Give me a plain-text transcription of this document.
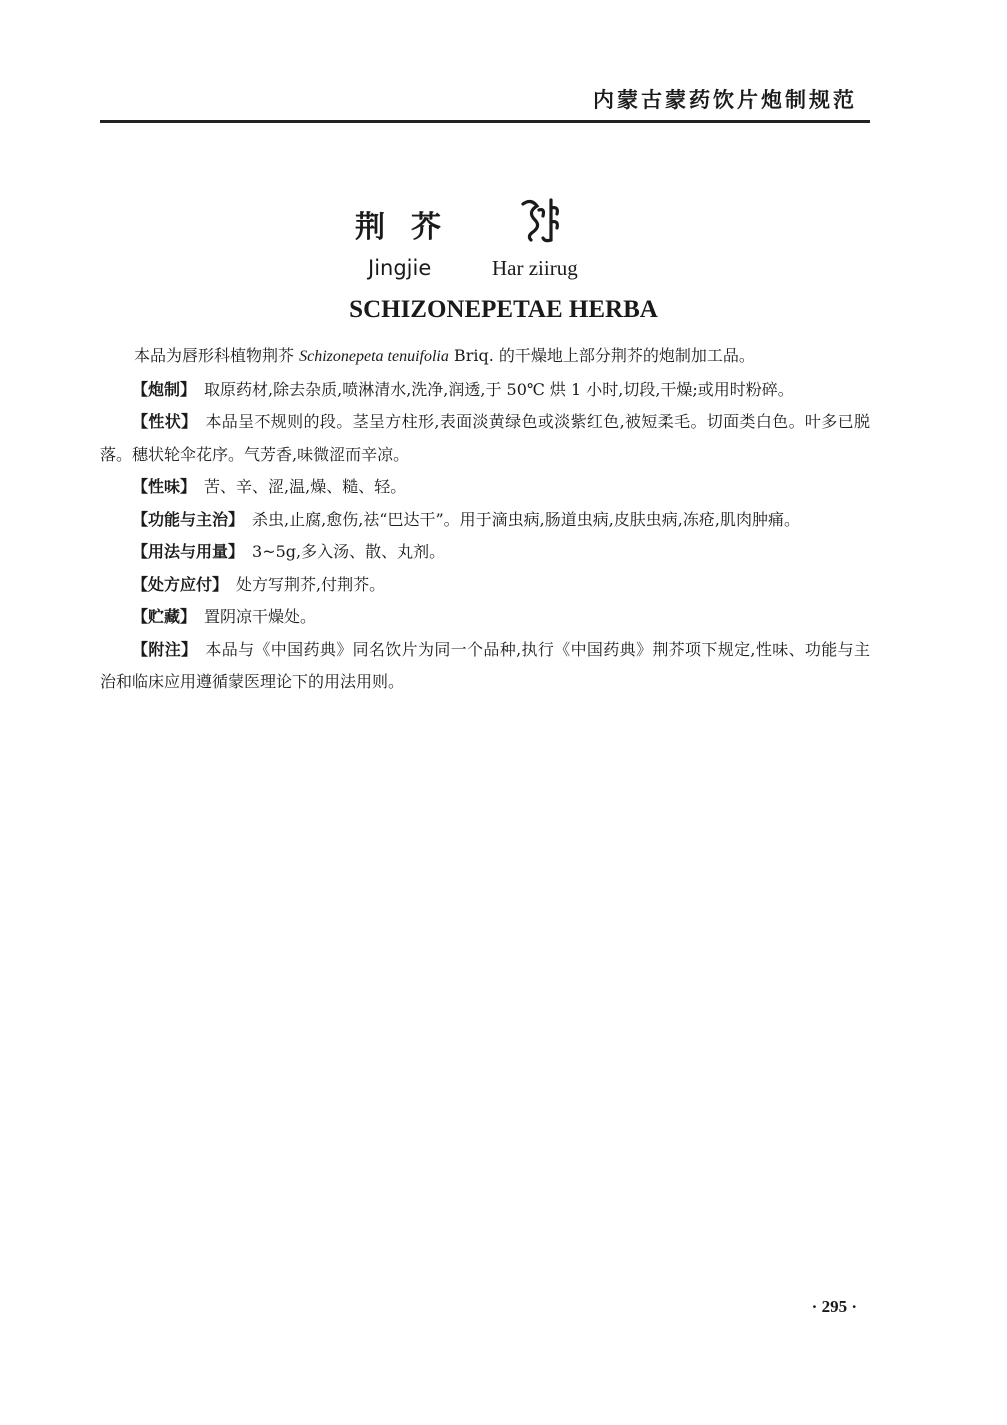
内蒙古蒙药饮片炮制规范
荆芥
Jingjie	Har ziirug
SCHIZONEPETAE HERBA

本品为唇形科植物荆芥 Schizonepeta tenuifolia Briq. 的干燥地上部分荆芥的炮制加工品。

【炮制】 取原药材,除去杂质,喷淋清水,洗净,润透,于 50℃ 烘 1 小时,切段,干燥;或用时粉碎。

【性状】 本品呈不规则的段。茎呈方柱形,表面淡黄绿色或淡紫红色,被短柔毛。切面类白色。叶多已脱落。穗状轮伞花序。气芳香,味微涩而辛凉。

【性味】 苦、辛、涩,温,燥、糙、轻。

【功能与主治】 杀虫,止腐,愈伤,祛“巴达干”。用于滴虫病,肠道虫病,皮肤虫病,冻疮,肌肉肿痛。

【用法与用量】 3~5g,多入汤、散、丸剂。

【处方应付】 处方写荆芥,付荆芥。

【贮藏】 置阴凉干燥处。

【附注】 本品与《中国药典》同名饮片为同一个品种,执行《中国药典》荆芥项下规定,性味、功能与主治和临床应用遵循蒙医理论下的用法用则。

· 295 ·
